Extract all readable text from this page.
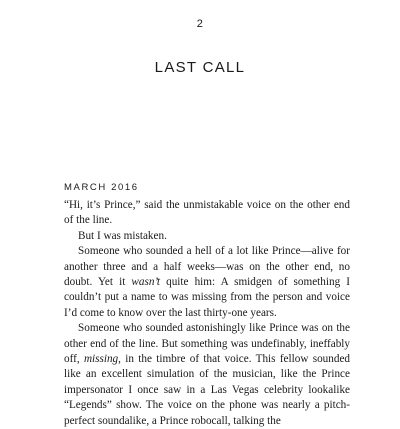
2
LAST CALL
MARCH 2016

“Hi, it’s Prince,” said the unmistakable voice on the other end of the line.

But I was mistaken.

Someone who sounded a hell of a lot like Prince—alive for another three and a half weeks—was on the other end, no doubt. Yet it wasn’t quite him: A smidgen of something I couldn’t put a name to was missing from the person and voice I’d come to know over the last thirty-one years.

Someone who sounded astonishingly like Prince was on the other end of the line. But something was undefinably, ineffably off, missing, in the timbre of that voice. This fellow sounded like an excellent simulation of the musician, like the Prince impersonator I once saw in a Las Vegas celebrity lookalike “Legends” show. The voice on the phone was nearly a pitch-perfect soundalike, a Prince robocall, talking the
